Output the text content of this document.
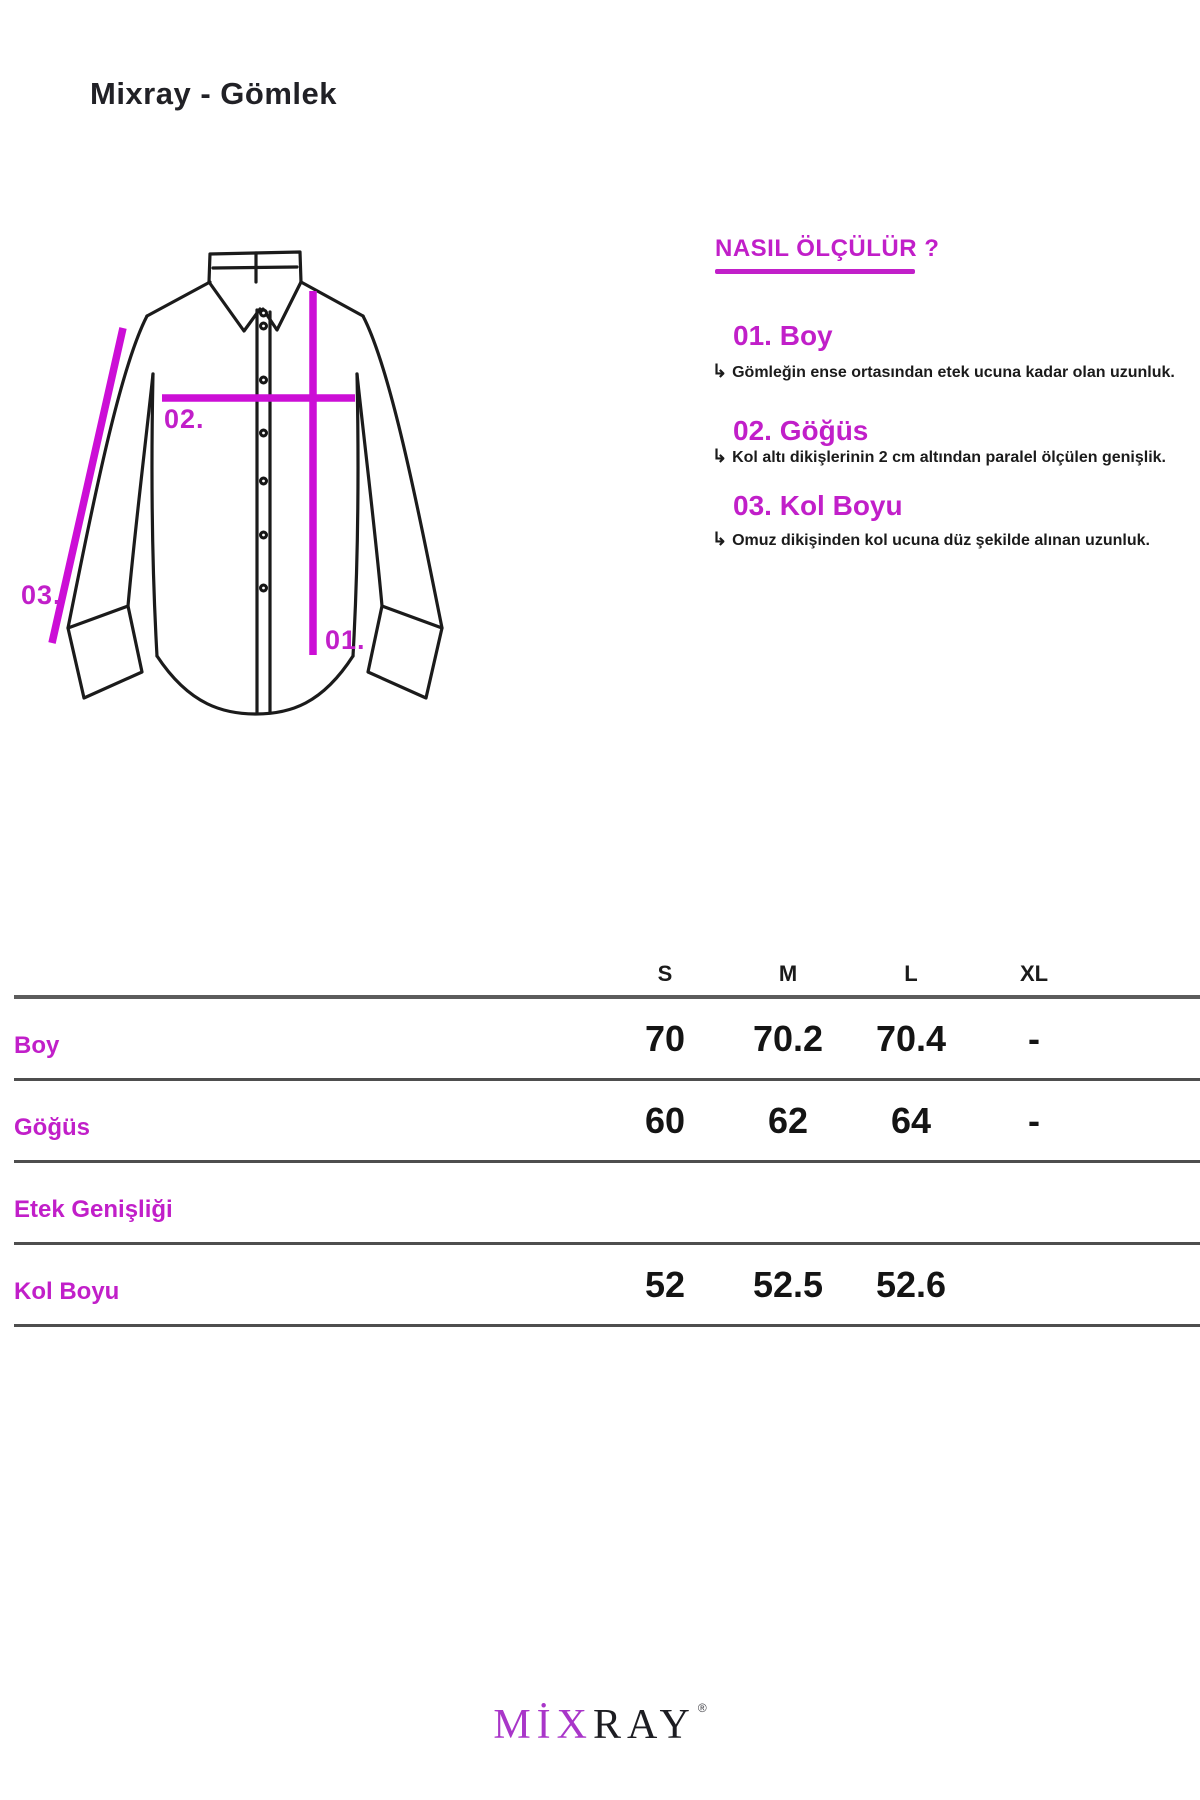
Mixray - Gömlek
02.
01.
03.
NASIL ÖLÇÜLÜR ?
01. Boy
↳ Gömleğin ense ortasından etek ucuna kadar olan uzunluk.
02. Göğüs
↳ Kol altı dikişlerinin 2 cm altından paralel ölçülen genişlik.
03. Kol Boyu
↳ Omuz dikişinden kol ucuna düz şekilde alınan uzunluk.
S	M	L	XL
Boy	70	70.2	70.4	-
Göğüs	60	62	64	-
Etek Genişliği
Kol Boyu	52	52.5	52.6
MİXRAY ®
